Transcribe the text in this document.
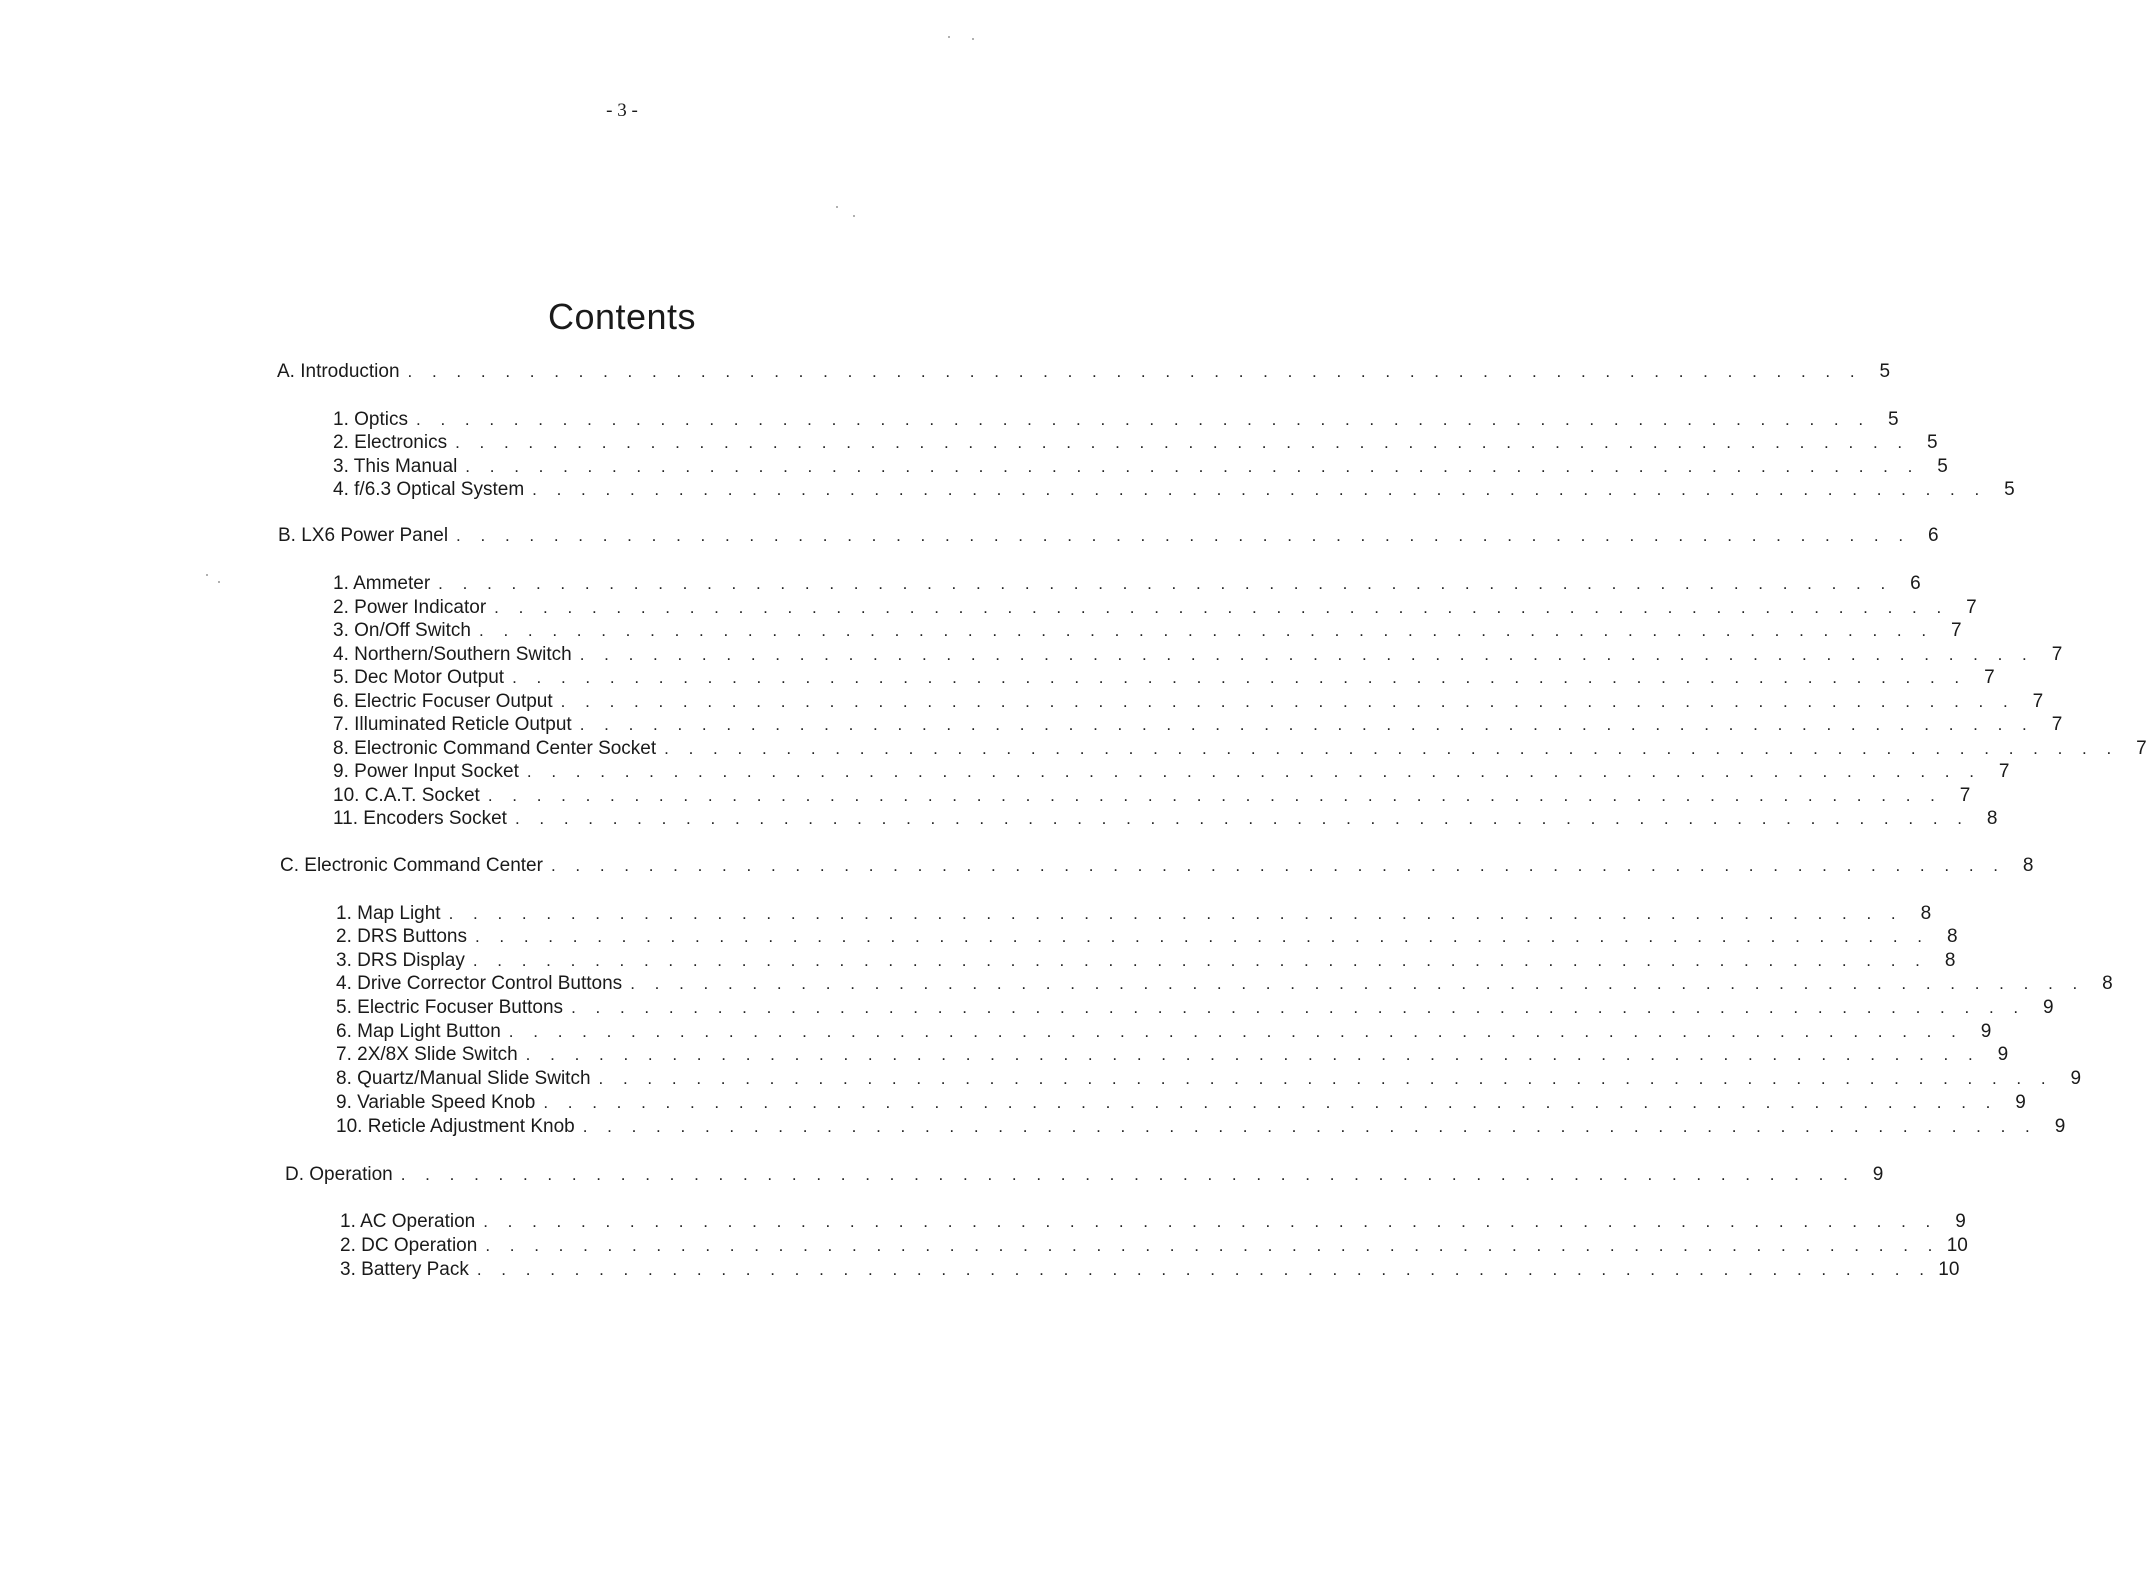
- 3 -
Contents
A. Introduction . . . . . . . . . . . . . . . . . . . . . . . . . . . . . . . . . . . . . . . . . . . . . . . . . . . . . . . . . . . . 5
1. Optics . . . . . . . . . . . . . . . . . . . . . . . . . . . . . . . . . . . . . . . . . . . . . . . . . . . . . . . . . . . . 5
2. Electronics . . . . . . . . . . . . . . . . . . . . . . . . . . . . . . . . . . . . . . . . . . . . . . . . . . . . . . . . . . . . 5
3. This Manual . . . . . . . . . . . . . . . . . . . . . . . . . . . . . . . . . . . . . . . . . . . . . . . . . . . . . . . . . . . . 5
4. f/6.3 Optical System . . . . . . . . . . . . . . . . . . . . . . . . . . . . . . . . . . . . . . . . . . . . . . . . . . . . . . . . . . . . 5
B. LX6 Power Panel . . . . . . . . . . . . . . . . . . . . . . . . . . . . . . . . . . . . . . . . . . . . . . . . . . . . . . . . . . . . 6
1. Ammeter . . . . . . . . . . . . . . . . . . . . . . . . . . . . . . . . . . . . . . . . . . . . . . . . . . . . . . . . . . . . 6
2. Power Indicator . . . . . . . . . . . . . . . . . . . . . . . . . . . . . . . . . . . . . . . . . . . . . . . . . . . . . . . . . . . . 7
3. On/Off Switch . . . . . . . . . . . . . . . . . . . . . . . . . . . . . . . . . . . . . . . . . . . . . . . . . . . . . . . . . . . . 7
4. Northern/Southern Switch . . . . . . . . . . . . . . . . . . . . . . . . . . . . . . . . . . . . . . . . . . . . . . . . . . . . . . . . . . . . 7
5. Dec Motor Output . . . . . . . . . . . . . . . . . . . . . . . . . . . . . . . . . . . . . . . . . . . . . . . . . . . . . . . . . . . . 7
6. Electric Focuser Output . . . . . . . . . . . . . . . . . . . . . . . . . . . . . . . . . . . . . . . . . . . . . . . . . . . . . . . . . . . . 7
7. Illuminated Reticle Output . . . . . . . . . . . . . . . . . . . . . . . . . . . . . . . . . . . . . . . . . . . . . . . . . . . . . . . . . . . . 7
8. Electronic Command Center Socket . . . . . . . . . . . . . . . . . . . . . . . . . . . . . . . . . . . . . . . . . . . . . . . . . . . . . . . . . . . . 7
9. Power Input Socket . . . . . . . . . . . . . . . . . . . . . . . . . . . . . . . . . . . . . . . . . . . . . . . . . . . . . . . . . . . . 7
10. C.A.T. Socket . . . . . . . . . . . . . . . . . . . . . . . . . . . . . . . . . . . . . . . . . . . . . . . . . . . . . . . . . . . . 7
11. Encoders Socket . . . . . . . . . . . . . . . . . . . . . . . . . . . . . . . . . . . . . . . . . . . . . . . . . . . . . . . . . . . . 8
C. Electronic Command Center . . . . . . . . . . . . . . . . . . . . . . . . . . . . . . . . . . . . . . . . . . . . . . . . . . . . . . . . . . . . 8
1. Map Light . . . . . . . . . . . . . . . . . . . . . . . . . . . . . . . . . . . . . . . . . . . . . . . . . . . . . . . . . . . . 8
2. DRS Buttons . . . . . . . . . . . . . . . . . . . . . . . . . . . . . . . . . . . . . . . . . . . . . . . . . . . . . . . . . . . . 8
3. DRS Display . . . . . . . . . . . . . . . . . . . . . . . . . . . . . . . . . . . . . . . . . . . . . . . . . . . . . . . . . . . . 8
4. Drive Corrector Control Buttons . . . . . . . . . . . . . . . . . . . . . . . . . . . . . . . . . . . . . . . . . . . . . . . . . . . . . . . . . . . . 8
5. Electric Focuser Buttons . . . . . . . . . . . . . . . . . . . . . . . . . . . . . . . . . . . . . . . . . . . . . . . . . . . . . . . . . . . . 9
6. Map Light Button . . . . . . . . . . . . . . . . . . . . . . . . . . . . . . . . . . . . . . . . . . . . . . . . . . . . . . . . . . . . 9
7. 2X/8X Slide Switch . . . . . . . . . . . . . . . . . . . . . . . . . . . . . . . . . . . . . . . . . . . . . . . . . . . . . . . . . . . . 9
8. Quartz/Manual Slide Switch . . . . . . . . . . . . . . . . . . . . . . . . . . . . . . . . . . . . . . . . . . . . . . . . . . . . . . . . . . . . 9
9. Variable Speed Knob . . . . . . . . . . . . . . . . . . . . . . . . . . . . . . . . . . . . . . . . . . . . . . . . . . . . . . . . . . . . 9
10. Reticle Adjustment Knob . . . . . . . . . . . . . . . . . . . . . . . . . . . . . . . . . . . . . . . . . . . . . . . . . . . . . . . . . . . . 9
D. Operation . . . . . . . . . . . . . . . . . . . . . . . . . . . . . . . . . . . . . . . . . . . . . . . . . . . . . . . . . . . . 9
1. AC Operation . . . . . . . . . . . . . . . . . . . . . . . . . . . . . . . . . . . . . . . . . . . . . . . . . . . . . . . . . . . . 9
2. DC Operation . . . . . . . . . . . . . . . . . . . . . . . . . . . . . . . . . . . . . . . . . . . . . . . . . . . . . . . . . . . . 10
3. Battery Pack . . . . . . . . . . . . . . . . . . . . . . . . . . . . . . . . . . . . . . . . . . . . . . . . . . . . . . . . . . . . 10
